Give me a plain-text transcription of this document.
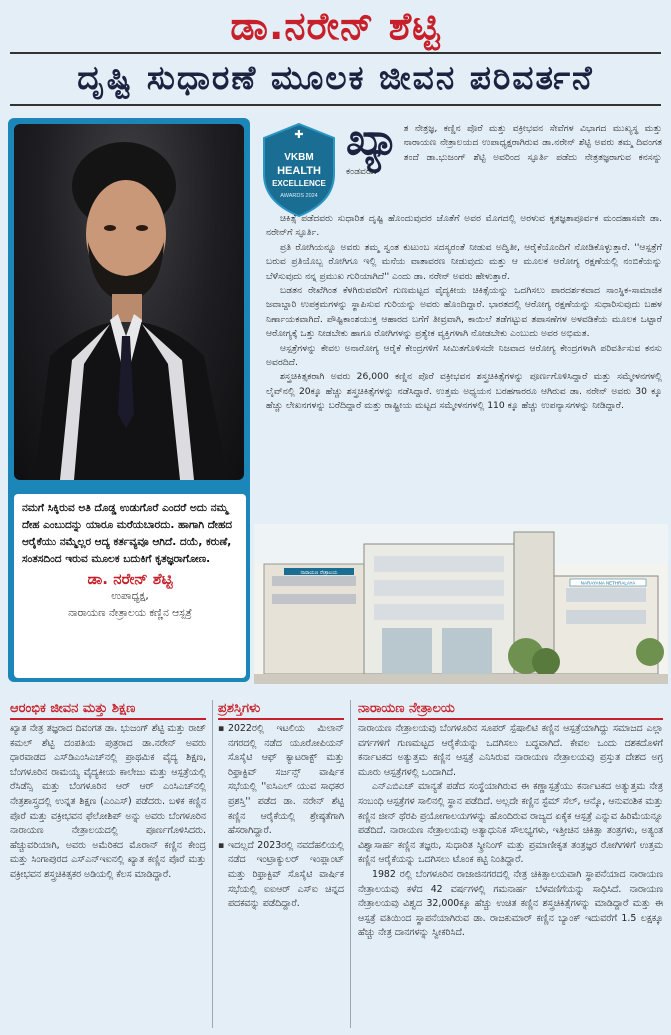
ಡಾ.ನರೇನ್ ಶೆಟ್ಟಿ
ದೃಷ್ಟಿ ಸುಧಾರಣೆ ಮೂಲಕ ಜೀವನ ಪರಿವರ್ತನೆ
ನಮಗೆ ಸಿಕ್ಕಿರುವ ಅತಿ ದೊಡ್ಡ ಉಡುಗೊರೆ ಎಂದರೆ ಅದು ನಮ್ಮ ದೇಹ ಎಂಬುದನ್ನು ಯಾರೂ ಮರೆಯಬಾರದು. ಹಾಗಾಗಿ ದೇಹದ ಆರೈಕೆಯು ನಮ್ಮೆಲ್ಲರ ಆದ್ಯ ಕರ್ತವ್ಯವೂ ಆಗಿದೆ. ದಯೆ, ಕರುಣೆ, ಸಂತಸದಿಂದ ಇರುವ ಮೂಲಕ ಬದುಕಿಗೆ ಕೃತಜ್ಞರಾಗೋಣ.
ಡಾ. ನರೇನ್ ಶೆಟ್ಟಿ
ಉಪಾಧ್ಯಕ್ಷ,
ನಾರಾಯಣ ನೇತ್ರಾಲಯ ಕಣ್ಣಿನ ಆಸ್ಪತ್ರೆ
✚
VKBM
HEALTH
EXCELLENCE
AWARDS 2024
ಖ್ಯಾ ತ ನೇತ್ರಜ್ಞ, ಕಣ್ಣಿನ ಪೊರೆ ಮತ್ತು ವಕ್ರೀಭವನ ಸೇವೆಗಳ ವಿಭಾಗದ ಮುಖ್ಯಸ್ಥ ಮತ್ತು ನಾರಾಯಣ ನೇತ್ರಾಲಯದ ಉಪಾಧ್ಯಕ್ಷರಾಗಿರುವ ಡಾ.ನರೇನ್ ಶೆಟ್ಟಿ ಅವರು ತಮ್ಮ ದಿವಂಗತ ತಂದೆ ಡಾ.ಭುಜಂಗ್ ಶೆಟ್ಟಿ ಅವರಿಂದ ಸ್ಫೂರ್ತಿ ಪಡೆದು ನೇತ್ರತಜ್ಞರಾಗುವ ಕನಸನ್ನು ಕಂಡವರು.

ಚಿಕಿತ್ಸೆ ಪಡೆದವರು ಸುಧಾರಿತ ದೃಷ್ಟಿ ಹೊಂದುವುದರ ಜೊತೆಗೆ ಅವರ ಮೊಗದಲ್ಲಿ ಅರಳುವ ಕೃತಜ್ಞತಾಪೂರ್ವಕ ಮಂದಹಾಸವೇ ಡಾ. ನರೇನ್‌ಗೆ ಸ್ಫೂರ್ತಿ.

ಪ್ರತಿ ರೋಗಿಯನ್ನೂ ಅವರು ತಮ್ಮ ಸ್ವಂತ ಕುಟುಂಬ ಸದಸ್ಯರಂತೆ ನೀಡುವ ಅದ್ವಿತೀ, ಆರೈಕೆಯೊಂದಿಗೆ ನೋಡಿಕೊಳ್ಳುತ್ತಾರೆ. ''ಆಸ್ಪತ್ರೆಗೆ ಬರುವ ಪ್ರತಿಯೊಬ್ಬ ರೋಗಿಗೂ ಇಲ್ಲಿ ಮನೆಯ ವಾತಾವರಣ ನೀಡುವುದು ಮತ್ತು ಆ ಮೂಲಕ ಆರೋಗ್ಯ ರಕ್ಷಣೆಯಲ್ಲಿ ನಂಬಿಕೆಯನ್ನು ಬೆಳೆಸುವುದು ನನ್ನ ಪ್ರಮುಖ ಗುರಿಯಾಗಿದೆ'' ಎಂದು ಡಾ. ನರೇನ್ ಅವರು ಹೇಳುತ್ತಾರೆ.

ಬಡತನ ರೇಖೆಗಿಂತ ಕೆಳಗಿರುವವರಿಗೆ ಗುಣಮಟ್ಟದ ವೈದ್ಯಕೀಯ ಚಿಕಿತ್ಸೆಯನ್ನು ಒದಗಿಸಲು ಪಾರದರ್ಶಕವಾದ ಸಾಂಸ್ಥಿಕ-ಸಾಮಾಜಿಕ ಜವಾಬ್ದಾರಿ ಉಪಕ್ರಮಗಳನ್ನು ಸ್ಥಾಪಿಸುವ ಗುರಿಯನ್ನು ಅವರು ಹೊಂದಿದ್ದಾರೆ. ಭಾರತದಲ್ಲಿ ಆರೋಗ್ಯ ರಕ್ಷಣೆಯನ್ನು ಸುಧಾರಿಸುವುದು ಬಹಳ ನಿರ್ಣಾಯಕವಾಗಿದೆ. ಪೌಷ್ಟಿಕಾಂಶಯುಕ್ತ ಆಹಾರದ ಬಗೆಗೆ ತೀವ್ರವಾಗಿ, ಕಾಯಿಲೆ ತಡೆಗಟ್ಟುವ ತಪಾಸಣೆಗಳ ಅಳವಡಿಕೆಯ ಮೂಲಕ ಒಟ್ಟಾರೆ ಆರೋಗ್ಯಕ್ಕೆ ಒತ್ತು ನೀಡಬೇಕು ಹಾಗೂ ರೋಗಿಗಳನ್ನು ಪ್ರತ್ಯೇಕ ವ್ಯಕ್ತಿಗಳಾಗಿ ನೋಡಬೇಕು ಎಂಬುದು ಅವರ ಅಭಿಮತ.

ಆಸ್ಪತ್ರೆಗಳನ್ನು ಕೇವಲ ಅನಾರೋಗ್ಯ ಆರೈಕೆ ಕೇಂದ್ರಗಳಿಗೆ ಸೀಮಿತಗೊಳಿಸದೇ ನಿಜವಾದ ಆರೋಗ್ಯ ಕೇಂದ್ರಗಳಾಗಿ ಪರಿವರ್ತಿಸುವ ಕನಸು ಅವರದಿದೆ.

ಶಸ್ತ್ರಚಿಕಿತ್ಸಕರಾಗಿ ಅವರು 26,000 ಕಣ್ಣಿನ ಪೊರೆ ವಕ್ರೀಭವನ ಶಸ್ತ್ರಚಿಕಿತ್ಸೆಗಳನ್ನು ಪೂರ್ಣಗೊಳಿಸಿದ್ದಾರೆ ಮತ್ತು ಸಮ್ಮೇಳನಗಳಲ್ಲಿ ಲೈವ್‌ನಲ್ಲಿ 20ಕ್ಕೂ ಹೆಚ್ಚು ಶಸ್ತ್ರಚಿಕಿತ್ಸೆಗಳನ್ನು ನಡೆಸಿದ್ದಾರೆ. ಉತ್ತಮ ಅಧ್ಯಯನ ಬರಹಗಾರರೂ ಆಗಿರುವ ಡಾ. ನರೇನ್ ಅವರು 30 ಕ್ಕೂ ಹೆಚ್ಚು ಲೇಖನಗಳನ್ನು ಬರೆದಿದ್ದಾರೆ ಮತ್ತು ರಾಷ್ಟ್ರೀಯ ಮಟ್ಟದ ಸಮ್ಮೇಳನಗಳಲ್ಲಿ 110 ಕ್ಕೂ ಹೆಚ್ಚು ಉಪನ್ಯಾಸಗಳನ್ನು ನೀಡಿದ್ದಾರೆ.

ನಾರಾಯಣ ನೇತ್ರಾಲಯ
NARAYANA NETHRALAYA
ಆರಂಭಿಕ ಜೀವನ ಮತ್ತು ಶಿಕ್ಷಣ
ಖ್ಯಾತ ನೇತ್ರ ತಜ್ಞರಾದ ದಿವಂಗತ ಡಾ. ಭುಜಂಗ್ ಶೆಟ್ಟಿ ಮತ್ತು ರಾಜ್ ಕಮಲ್ ಶೆಟ್ಟಿ ದಂಪತಿಯ ಪುತ್ರರಾದ ಡಾ.ನರೇನ್ ಅವರು ಧಾರವಾಡದ ಎಸ್‌ಡಿಎಂಸಿಎಚ್‌ನಲ್ಲಿ ಪ್ರಾಥಮಿಕ ವೈದ್ಯ ಶಿಕ್ಷಣ, ಬೆಂಗಳೂರಿನ ರಾಮಯ್ಯ ವೈದ್ಯಕೀಯ ಕಾಲೇಜು ಮತ್ತು ಆಸ್ಪತ್ರೆಯಲ್ಲಿ ರೆಸಿಡೆನ್ಸಿ ಮತ್ತು ಬೆಂಗಳೂರಿನ ಆರ್‌ ಆರ್ ಎಂಸಿಎಚ್‌ನಲ್ಲಿ ನೇತ್ರಶಾಸ್ತ್ರದಲ್ಲಿ ಉನ್ನತ ಶಿಕ್ಷಣ (ಎಂಎಸ್) ಪಡೆದರು. ಬಳಿಕ ಕಣ್ಣಿನ ಪೊರೆ ಮತ್ತು ವಕ್ರೀಭವನ ಫೆಲೋಶಿಪ್ ಅನ್ನು ಅವರು ಬೆಂಗಳೂರಿನ ನಾರಾಯಣ ನೇತ್ರಾಲಯದಲ್ಲಿ ಪೂರ್ಣಗೊಳಿಸಿದರು. ಹೆಚ್ಚುವರಿಯಾಗಿ, ಅವರು ಅಮೆರಿಕದ ಮೊರಾನ್ ಕಣ್ಣಿನ ಕೇಂದ್ರ ಮತ್ತು ಸಿಂಗಾಪುರದ ಎಸ್‌ಎನ್‌ಇಐನಲ್ಲಿ ಖ್ಯಾತ ಕಣ್ಣಿನ ಪೊರೆ ಮತ್ತು ವಕ್ರೀಭವನ ಶಸ್ತ್ರಚಿಕಿತ್ಸಕರ ಅಡಿಯಲ್ಲಿ ಕೆಲಸ ಮಾಡಿದ್ದಾರೆ.
ಪ್ರಶಸ್ತಿಗಳು
▪ 2022ರಲ್ಲಿ ಇಟಲಿಯ ಮಿಲಾನ್ ನಗರದಲ್ಲಿ ನಡೆದ ಯೂರೋಪಿಯನ್ ಸೊಸೈಟಿ ಆಫ್ ಕ್ಯಾಟರಾಕ್ಟ್ ಮತ್ತು ರಿಫ್ರಾಕ್ಟಿವ್ ಸರ್ಜನ್ಸ್ ವಾರ್ಷಿಕ ಸಭೆಯಲ್ಲಿ ''ಐಸಿಎಲ್ ಯುವ ಸಾಧಕರ ಪ್ರಶಸ್ತಿ'' ಪಡೆದ ಡಾ. ನರೇನ್ ಶೆಟ್ಟಿ ಕಣ್ಣಿನ ಆರೈಕೆಯಲ್ಲಿ ಶ್ರೇಷ್ಠತೆಗಾಗಿ ಹೆಸರಾಗಿದ್ದಾರೆ.
▪ ಇದಲ್ಲದೆ 2023ರಲ್ಲಿ ನವದೆಹಲಿಯಲ್ಲಿ ನಡೆದ ಇಂಟ್ರಾಕ್ಯುಲರ್ ಇಂಪ್ಲಾಂಟ್ ಮತ್ತು ರಿಫ್ರಾಕ್ಟಿವ್ ಸೊಸೈಟಿ ವಾರ್ಷಿಕ ಸಭೆಯಲ್ಲಿ ಐಐಆರ್ ಎಸ್‌ಐ ಚಿನ್ನದ ಪದಕವನ್ನು ಪಡೆದಿದ್ದಾರೆ.
ನಾರಾಯಣ ನೇತ್ರಾಲಯ

ನಾರಾಯಣ ನೇತ್ರಾಲಯವು ಬೆಂಗಳೂರಿನ ಸೂಪರ್ ಸ್ಪೆಷಾಲಿಟಿ ಕಣ್ಣಿನ ಆಸ್ಪತ್ರೆಯಾಗಿದ್ದು ಸಮಾಜದ ಎಲ್ಲಾ ವರ್ಗಗಳಿಗೆ ಗುಣಮಟ್ಟದ ಆರೈಕೆಯನ್ನು ಒದಗಿಸಲು ಬದ್ಧವಾಗಿದೆ. ಕೇವಲ ಒಂದು ದಶಕದೊಳಗೆ ಕರ್ನಾಟಕದ ಅತ್ಯುತ್ತಮ ಕಣ್ಣಿನ ಆಸ್ಪತ್ರೆ ಎನಿಸಿರುವ ನಾರಾಯಣ ನೇತ್ರಾಲಯವು ಪ್ರಸ್ತುತ ದೇಶದ ಅಗ್ರ ಮೂರು ಆಸ್ಪತ್ರೆಗಳಲ್ಲಿ ಒಂದಾಗಿದೆ.

ಎನ್‌ಎಬಿಎಚ್ ಮಾನ್ಯತೆ ಪಡೆದ ಸಂಸ್ಥೆಯಾಗಿರುವ ಈ ಕಣ್ಣಾಸ್ಪತ್ರೆಯು ಕರ್ನಾಟಕದ ಅತ್ಯುತ್ತಮ ನೇತ್ರ ಸಂಬಂಧಿ ಆಸ್ಪತ್ರೆಗಳ ಸಾಲಿನಲ್ಲಿ ಸ್ಥಾನ ಪಡೆದಿದೆ. ಅಲ್ಲದೇ ಕಣ್ಣಿನ ಸ್ಟೆಮ್ ಸೆಲ್, ಆನ್ಕೊ, ಆನುವಂಶಿಕ ಮತ್ತು ಕಣ್ಣಿನ ಜೀನ್ ಥೆರಪಿ ಪ್ರಯೋಗಾಲಯಗಳನ್ನು ಹೊಂದಿರುವ ರಾಜ್ಯದ ಏಕೈಕ ಆಸ್ಪತ್ರೆ ಎನ್ನುವ ಹಿರಿಮೆಯನ್ನೂ ಪಡೆದಿದೆ. ನಾರಾಯಣ ನೇತ್ರಾಲಯವು ಅತ್ಯಾಧುನಿಕ ಸೌಲಭ್ಯಗಳು, ಇತ್ತೀಚಿನ ಚಿಕಿತ್ಸಾ ತಂತ್ರಗಳು, ಅತ್ಯಂತ ವಿಶ್ವಾಸಾರ್ಹ ಕಣ್ಣಿನ ತಜ್ಞರು, ಸುಧಾರಿತ ಸ್ಕ್ರೀನಿಂಗ್ ಮತ್ತು ಪ್ರಮಾಣೀಕೃತ ತಂತ್ರಜ್ಞರ ರೋಗಿಗಳಿಗೆ ಉತ್ತಮ ಕಣ್ಣಿನ ಆರೈಕೆಯನ್ನು ಒದಗಿಸಲು ಟೊಂಕ ಕಟ್ಟಿ ನಿಂತಿದ್ದಾರೆ.

1982 ರಲ್ಲಿ ಬೆಂಗಳೂರಿನ ರಾಜಾಜಿನಗರದಲ್ಲಿ ನೇತ್ರ ಚಿಕಿತ್ಸಾಲಯವಾಗಿ ಸ್ಥಾಪನೆಯಾದ ನಾರಾಯಣ ನೇತ್ರಾಲಯವು ಕಳೆದ 42 ವರ್ಷಗಳಲ್ಲಿ ಗಮನಾರ್ಹ ಬೆಳವಣಿಗೆಯನ್ನು ಸಾಧಿಸಿದೆ. ನಾರಾಯಣ ನೇತ್ರಾಲಯವು ವಿಶ್ವದ 32,000ಕ್ಕೂ ಹೆಚ್ಚು ಉಚಿತ ಕಣ್ಣಿನ ಶಸ್ತ್ರಚಿಕಿತ್ಸೆಗಳನ್ನು ಮಾಡಿದ್ದಾರೆ ಮತ್ತು ಈ ಆಸ್ಪತ್ರೆ ವತಿಯಿಂದ ಸ್ಥಾಪನೆಯಾಗಿರುವ ಡಾ. ರಾಜಕುಮಾರ್ ಕಣ್ಣಿನ ಬ್ಯಾಂಕ್ ಇದುವರೆಗೆ 1.5 ಲಕ್ಷಕ್ಕೂ ಹೆಚ್ಚು ನೇತ್ರ ದಾನಗಳನ್ನು ಸ್ವೀಕರಿಸಿದೆ.
